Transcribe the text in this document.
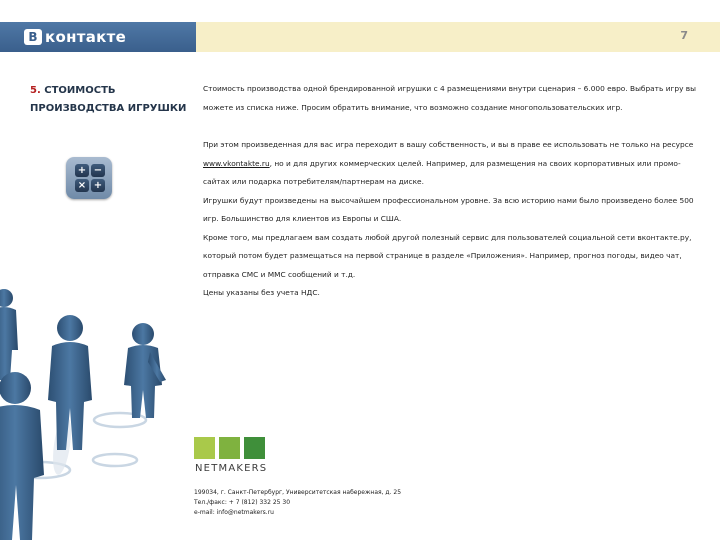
B контакте	7
5. СТОИМОСТЬ ПРОИЗВОДСТВА ИГРУШКИ
+ −
× +

Стоимость производства одной брендированной игрушки с 4 размещениями внутри сценария – 6.000 евро. Выбрать игру вы можете из списка ниже. Просим обратить внимание, что возможно создание многопользовательских игр.

При этом произведенная для вас игра переходит в вашу собственность, и вы в праве ее использовать не только на ресурсе www.vkontakte.ru, но и для других коммерческих целей. Например, для размещения на своих корпоративных или промо-сайтах или подарка потребителям/партнерам на диске.

Игрушки будут произведены на высочайшем профессиональном уровне. За всю историю нами было произведено более 500 игр. Большинство для клиентов из Европы и США.

Кроме того, мы предлагаем вам создать любой другой полезный сервис для пользователей социальной сети вконтакте.ру, который потом будет размещаться на первой странице в разделе «Приложения». Например, прогноз погоды, видео чат, отправка СМС и ММС сообщений и т.д.

Цены указаны без учета НДС.

NETMAKERS
199034, г. Санкт-Петербург, Университетская набережная, д. 25
Тел./факс: + 7 (812) 332 25 30
e-mail: info@netmakers.ru
